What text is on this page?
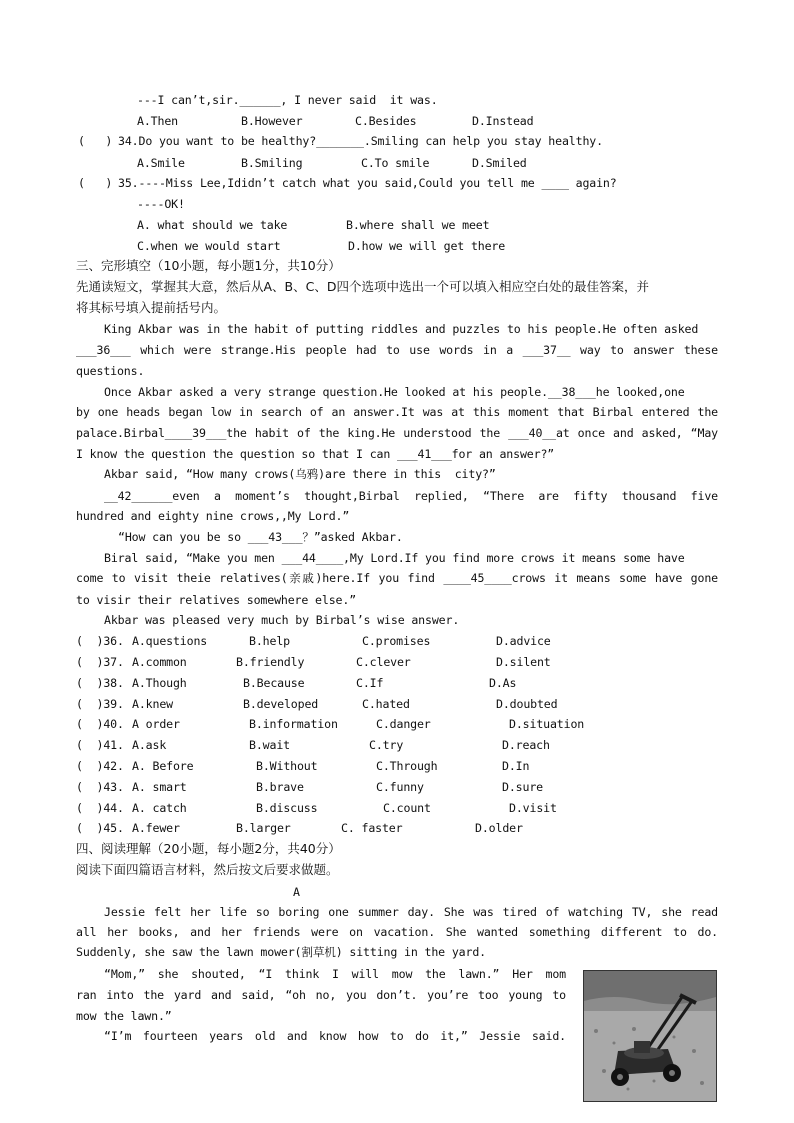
---I can’t,sir.______, I never said  it was.
A.Then	B.However	C.Besides	D.Instead
(   ) 34.Do you want to be healthy?_______.Smiling can help you stay healthy.
A.Smile	B.Smiling	C.To smile	D.Smiled
(   ) 35.----Miss Lee,Ididn’t catch what you said,Could you tell me ____ again?
----OK!
A. what should we take	B.where shall we meet
C.when we would start	D.how we will get there
三、完形填空（10小题，每小题1分，共10分）
先通读短文，掌握其大意，然后从A、B、C、D四个选项中选出一个可以填入相应空白处的最佳答案，并
将其标号填入提前括号内。
King Akbar was in the habit of putting riddles and puzzles to his people.He often asked
___36___ which were strange.His people had to use words in a ___37__ way to answer these
questions.
Once Akbar asked a very strange question.He looked at his people.__38___he looked,one
by one heads began low in search of an answer.It was at this moment that Birbal entered the
palace.Birbal____39___the habit of the king.He understood the ___40__at once and asked, “May
I know the question the question so that I can ___41___for an answer?”
Akbar said, “How many crows(乌鸦)are there in this  city?”
__42______even a moment’s thought,Birbal replied, “There are fifty thousand five
hundred and eighty nine crows,,My Lord.”
“How can you be so ___43___？”asked Akbar.
Biral said, “Make you men ___44____,My Lord.If you find more crows it means some have
come to visit theie relatives(亲戚)here.If you find ____45____crows it means some have gone
to visir their relatives somewhere else.”
Akbar was pleased very much by Birbal’s wise answer.
(  )36. A.questions	B.help	C.promises	D.advice
(  )37. A.common	B.friendly	C.clever	D.silent
(  )38. A.Though	B.Because	C.If	D.As
(  )39. A.knew	B.developed	C.hated	D.doubted
(  )40. A order	B.information	C.danger	D.situation
(  )41. A.ask	B.wait	C.try	D.reach
(  )42. A. Before	B.Without	C.Through	D.In
(  )43. A. smart	B.brave	C.funny	D.sure
(  )44. A. catch	B.discuss	C.count	D.visit
(  )45. A.fewer	B.larger	C. faster	D.older
四、阅读理解（20小题，每小题2分，共40分）
阅读下面四篇语言材料，然后按文后要求做题。
A
Jessie felt her life so boring one summer day. She was tired of watching TV, she read
all her books, and her friends were on vacation. She wanted something different to do.
Suddenly, she saw the lawn mower(割草机) sitting in the yard.
“Mom,” she shouted, “I think I will mow the lawn.” Her mom
ran into the yard and said, “oh no, you don’t. you’re too young to
mow the lawn.”
“I’m fourteen years old and know how to do it,” Jessie said.
